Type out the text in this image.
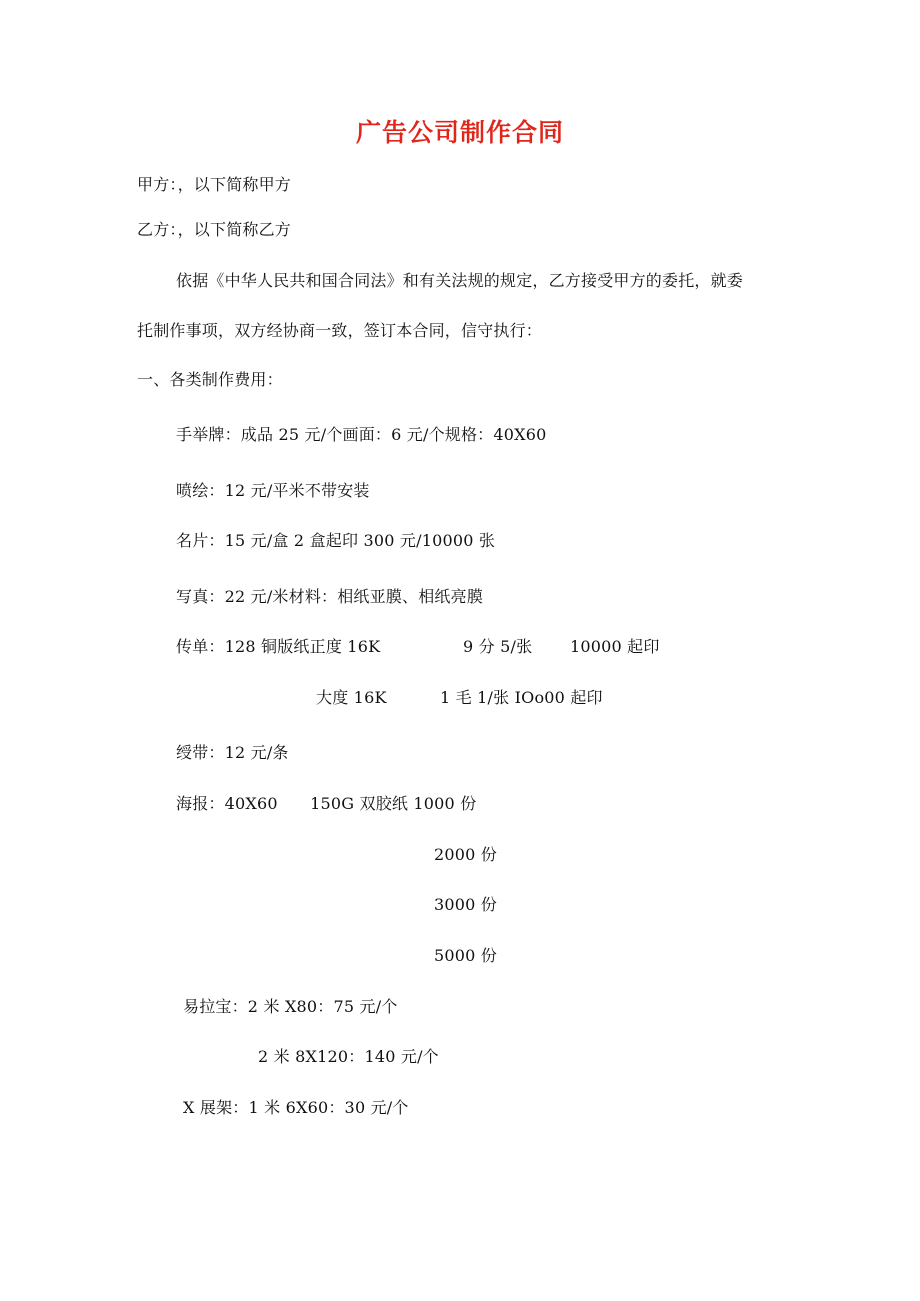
广告公司制作合同
甲方：，以下简称甲方
乙方：，以下简称乙方
依据《中华人民共和国合同法》和有关法规的规定，乙方接受甲方的委托，就委
托制作事项，双方经协商一致，签订本合同，信守执行：
一、各类制作费用：
手举牌：成品 25 元/个画面：6 元/个规格：40X60
喷绘：12 元/平米不带安装
名片：15 元/盒 2 盒起印 300 元/10000 张
写真：22 元/米材料：相纸亚膜、相纸亮膜
传单：128 铜版纸正度 16K	9 分 5/张 10000 起印
大度 16K	1 毛 1/张 IOo00 起印
绶带：12 元/条
海报：40X60　　150G 双胶纸 1000 份
2000 份
3000 份
5000 份
易拉宝：2 米 X80：75 元/个
2 米 8X120：140 元/个
X 展架：1 米 6X60：30 元/个
